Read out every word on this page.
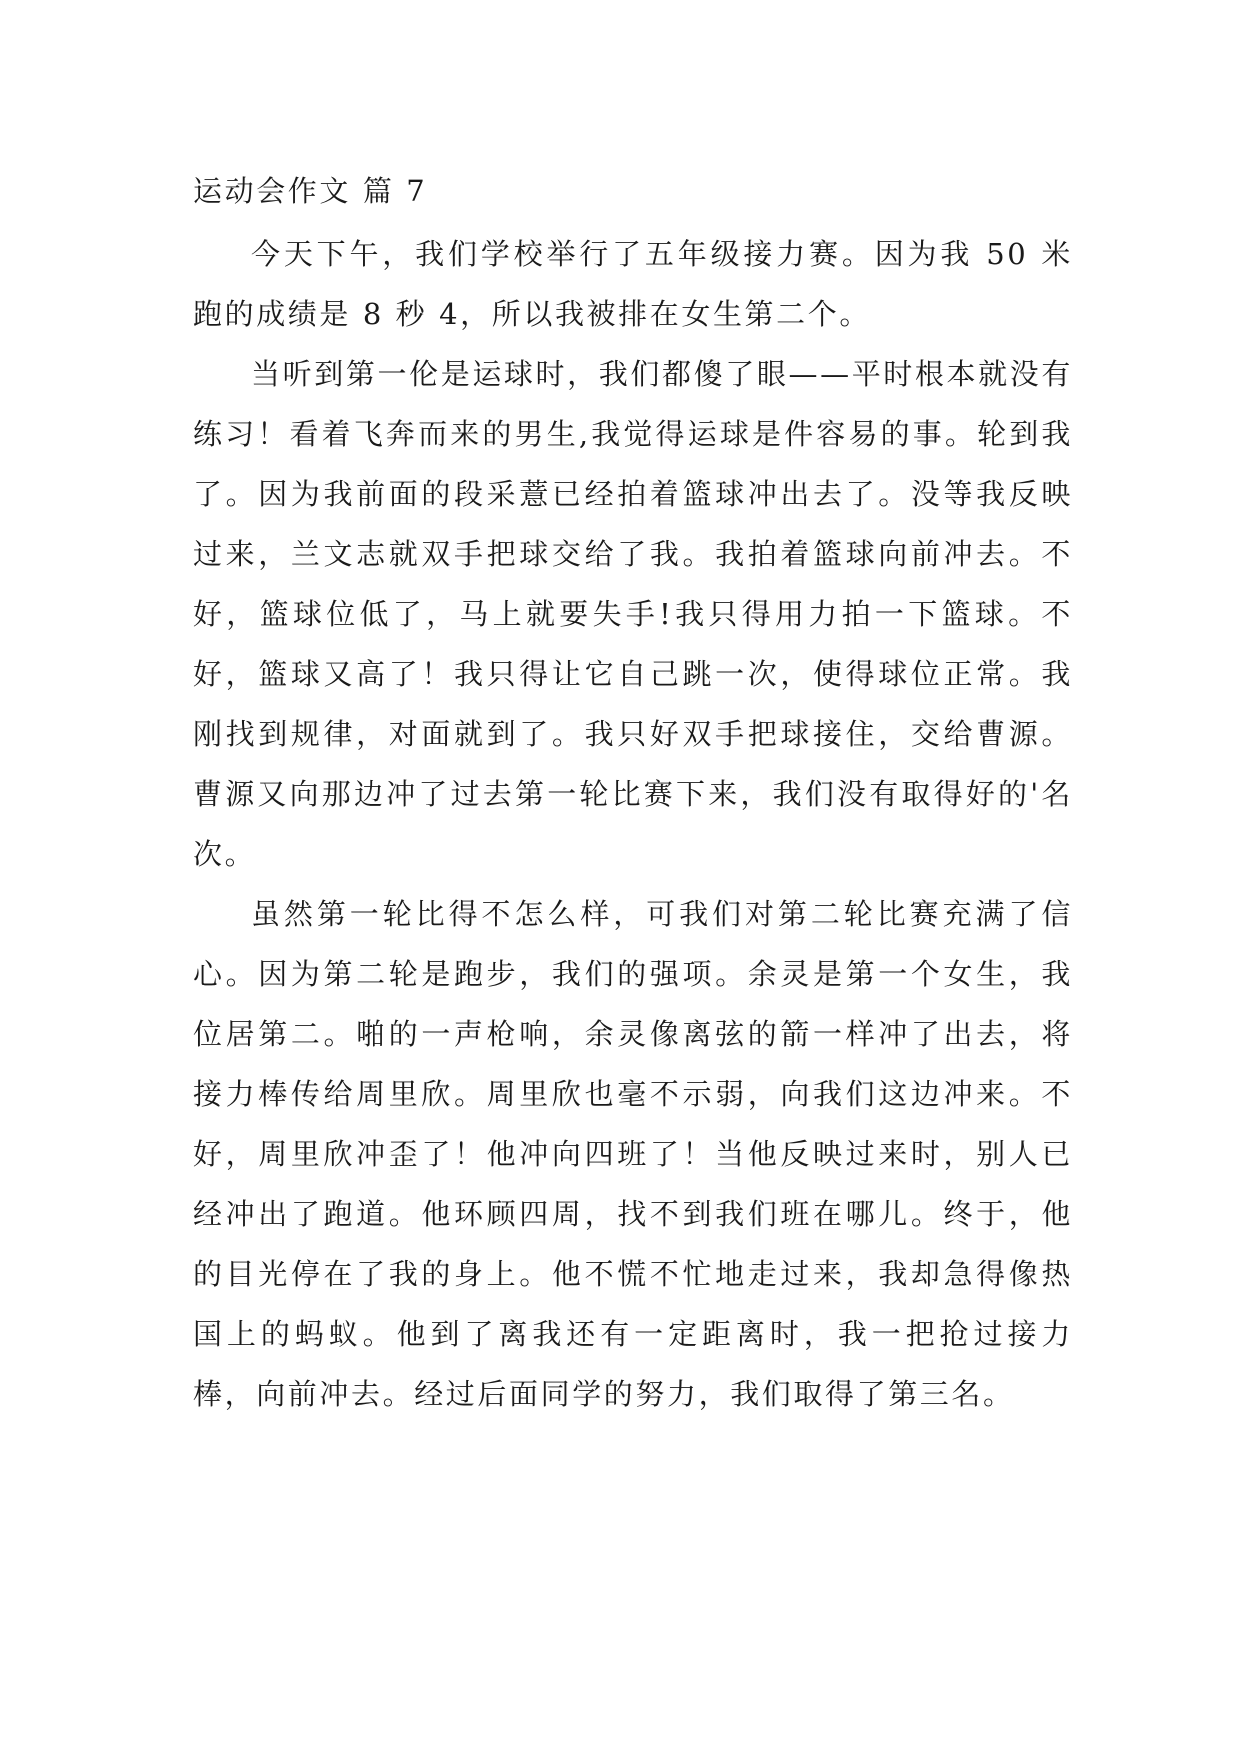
运动会作文 篇 7

今天下午，我们学校举行了五年级接力赛。因为我 50 米跑的成绩是 8 秒 4，所以我被排在女生第二个。

当听到第一伦是运球时，我们都傻了眼——平时根本就没有练习！看着飞奔而来的男生,我觉得运球是件容易的事。轮到我了。因为我前面的段采薏已经拍着篮球冲出去了。没等我反映过来，兰文志就双手把球交给了我。我拍着篮球向前冲去。不好，篮球位低了，马上就要失手!我只得用力拍一下篮球。不好，篮球又高了！我只得让它自己跳一次，使得球位正常。我刚找到规律，对面就到了。我只好双手把球接住，交给曹源。曹源又向那边冲了过去第一轮比赛下来，我们没有取得好的'名次。

虽然第一轮比得不怎么样，可我们对第二轮比赛充满了信心。因为第二轮是跑步，我们的强项。余灵是第一个女生，我位居第二。啪的一声枪响，余灵像离弦的箭一样冲了出去，将接力棒传给周里欣。周里欣也毫不示弱，向我们这边冲来。不好，周里欣冲歪了！他冲向四班了！当他反映过来时，别人已经冲出了跑道。他环顾四周，找不到我们班在哪儿。终于，他的目光停在了我的身上。他不慌不忙地走过来，我却急得像热国上的蚂蚁。他到了离我还有一定距离时，我一把抢过接力棒，向前冲去。经过后面同学的努力，我们取得了第三名。
